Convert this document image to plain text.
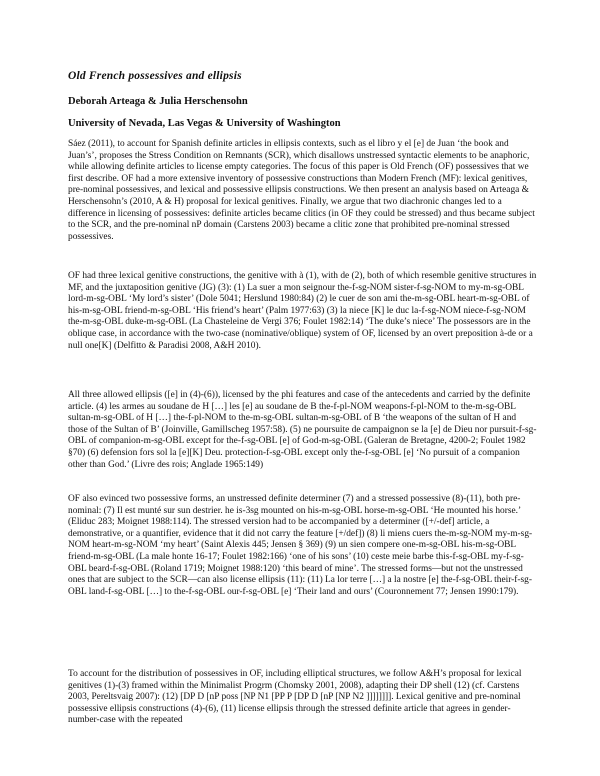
Old French possessives and ellipsis
Deborah Arteaga & Julia Herschensohn
University of Nevada, Las Vegas & University of Washington

Sáez (2011), to account for Spanish definite articles in ellipsis contexts, such as el libro y el [e] de Juan ‘the book and Juan’s’, proposes the Stress Condition on Remnants (SCR), which disallows unstressed syntactic elements to be anaphoric, while allowing definite articles to license empty categories. The focus of this paper is Old French (OF) possessives that we first describe. OF had a more extensive inventory of possessive constructions than Modern French (MF): lexical genitives, pre-nominal possessives, and lexical and possessive ellipsis constructions. We then present an analysis based on Arteaga & Herschensohn’s (2010, A & H) proposal for lexical genitives. Finally, we argue that two diachronic changes led to a difference in licensing of possessives: definite articles became clitics (in OF they could be stressed) and thus became subject to the SCR, and the pre-nominal nP domain (Carstens 2003) became a clitic zone that prohibited pre-nominal stressed possessives.

OF had three lexical genitive constructions, the genitive with à (1), with de (2), both of which resemble genitive structures in MF, and the juxtaposition genitive (JG) (3): (1) La suer a mon seignour the-f-sg-NOM sister-f-sg-NOM to my-m-sg-OBL lord-m-sg-OBL ‘My lord’s sister’ (Dole 5041; Herslund 1980:84) (2) le cuer de son ami the-m-sg-OBL heart-m-sg-OBL of his-m-sg-OBL friend-m-sg-OBL ‘His friend’s heart’ (Palm 1977:63) (3) la niece [K] le duc la-f-sg-NOM niece-f-sg-NOM the-m-sg-OBL duke-m-sg-OBL (La Chasteleine de Vergi 376; Foulet 1982:14) ‘The duke’s niece’ The possessors are in the oblique case, in accordance with the two-case (nominative/oblique) system of OF, licensed by an overt preposition à-de or a null one[K] (Delfitto & Paradisi 2008, A&H 2010).

All three allowed ellipsis ([e] in (4)-(6)), licensed by the phi features and case of the antecedents and carried by the definite article. (4) les armes au soudane de H […] les [e] au soudane de B the-f-pl-NOM weapons-f-pl-NOM to the-m-sg-OBL sultan-m-sg-OBL of H […] the-f-pl-NOM to the-m-sg-OBL sultan-m-sg-OBL of B ‘the weapons of the sultan of H and those of the Sultan of B’ (Joinville, Gamillscheg 1957:58). (5) ne poursuite de campaignon se la [e] de Dieu nor pursuit-f-sg-OBL of companion-m-sg-OBL except for the-f-sg-OBL [e] of God-m-sg-OBL (Galeran de Bretagne, 4200-2; Foulet 1982 §70) (6) defension fors sol la [e][K] Deu. protection-f-sg-OBL except only the-f-sg-OBL [e] ‘No pursuit of a companion other than God.’ (Livre des rois; Anglade 1965:149)

OF also evinced two possessive forms, an unstressed definite determiner (7) and a stressed possessive (8)-(11), both pre-nominal: (7) Il est munté sur sun destrier. he is-3sg mounted on his-m-sg-OBL horse-m-sg-OBL ‘He mounted his horse.’ (Eliduc 283; Moignet 1988:114). The stressed version had to be accompanied by a determiner ([+/-def] article, a demonstrative, or a quantifier, evidence that it did not carry the feature [+/def]) (8) li miens cuers the-m-sg-NOM my-m-sg-NOM heart-m-sg-NOM ‘my heart’ (Saint Alexis 445; Jensen § 369) (9) un sien compere one-m-sg-OBL his-m-sg-OBL friend-m-sg-OBL (La male honte 16-17; Foulet 1982:166) ‘one of his sons’ (10) ceste meie barbe this-f-sg-OBL my-f-sg-OBL beard-f-sg-OBL (Roland 1719; Moignet 1988:120) ‘this beard of mine’. The stressed forms—but not the unstressed ones that are subject to the SCR—can also license ellipsis (11): (11) La lor terre […] a la nostre [e] the-f-sg-OBL their-f-sg-OBL land-f-sg-OBL […] to the-f-sg-OBL our-f-sg-OBL [e] ‘Their land and ours’ (Couronnement 77; Jensen 1990:179).

To account for the distribution of possessives in OF, including elliptical structures, we follow A&H’s proposal for lexical genitives (1)-(3) framed within the Minimalist Progrm (Chomsky 2001, 2008), adapting their DP shell (12) (cf. Carstens 2003, Pereltsvaig 2007): (12) [DP D [nP poss [NP N1 [PP P [DP D [nP [NP N2 ]]]]]]]]. Lexical genitive and pre-nominal possessive ellipsis constructions (4)-(6), (11) license ellipsis through the stressed definite article that agrees in gender-number-case with the repeated
